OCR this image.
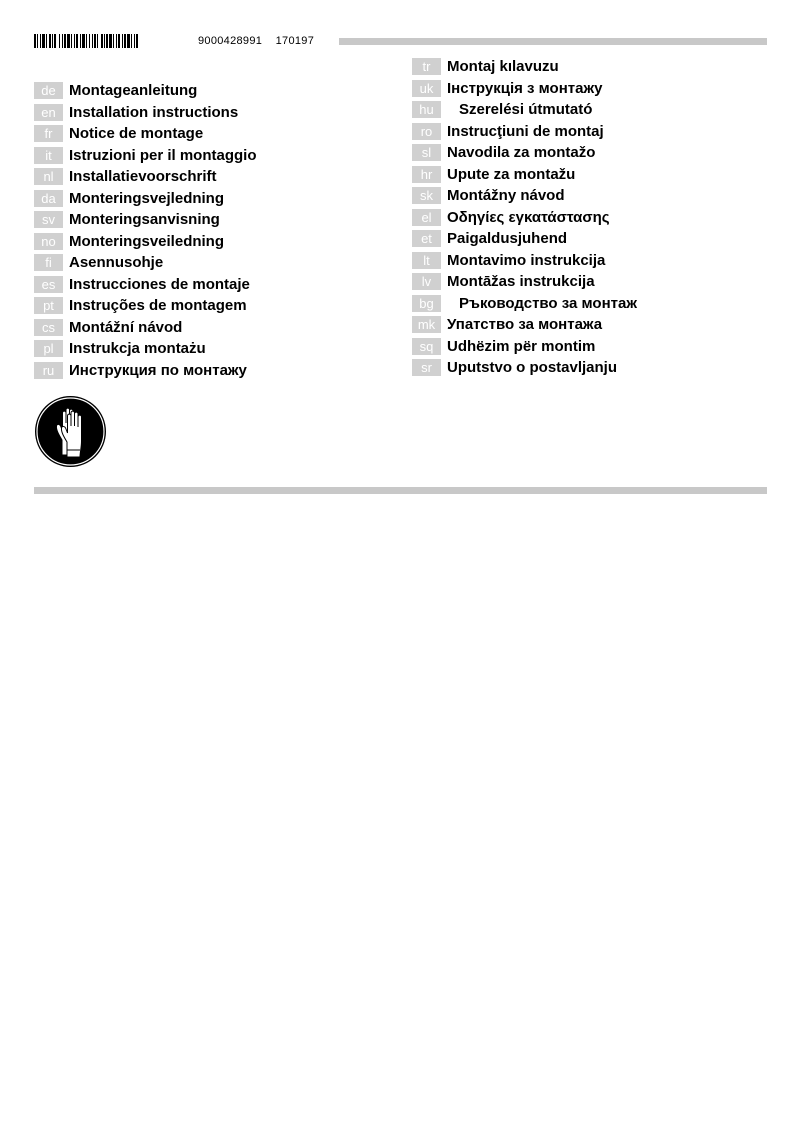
9000428991 170197
de Montageanleitung
en Installation instructions
fr	Notice de montage
it	Istruzioni per il montaggio
nl	Installatievoorschrift
da Monteringsvejledning
sv Monteringsanvisning
no Monteringsveiledning
fi	Asennusohje
es Instrucciones de montaje
pt	Instruções de montagem
cs Montážní návod
pl	Instrukcja montażu
ru Инструкция по монтажу
tr	Montaj kılavuzu
uk Інструкція з монтажу
hu	Szerelési útmutató
ro Instrucţiuni de montaj
sl	Navodila za montažo
hr Upute za montažu
sk Montážny návod
el	Οδηγίες εγκατάστασης
et	Paigaldusjuhend
lt	Montavimo instrukcija
lv	Montāžas instrukcija
bg	Ръководство за монтаж
mk Упатство за монтажа
sq Udhëzim për montim
sr	Uputstvo o postavljanju
